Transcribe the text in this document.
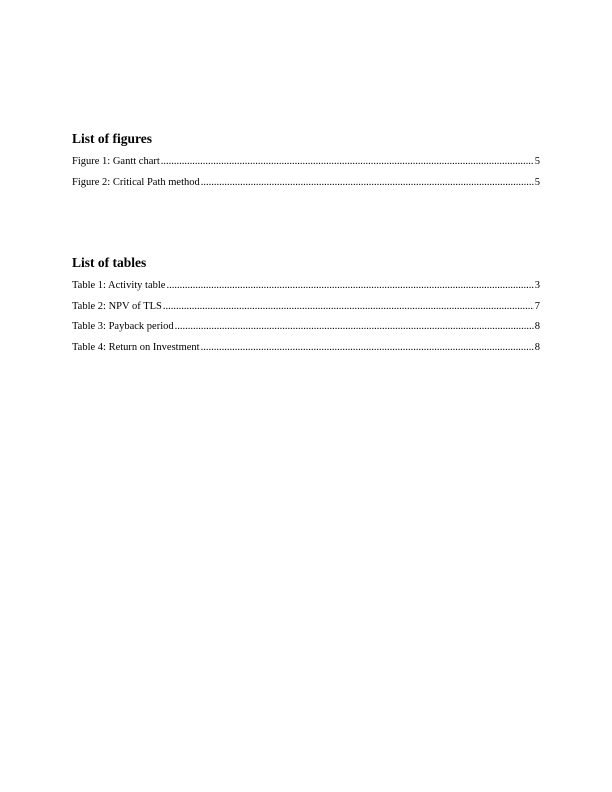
List of figures
Figure 1: Gantt chart .....	5
Figure 2: Critical Path method .....	5
List of tables
Table 1: Activity table .....	3
Table 2: NPV of TLS .....	7
Table 3: Payback period .....	8
Table 4: Return on Investment .....	8
